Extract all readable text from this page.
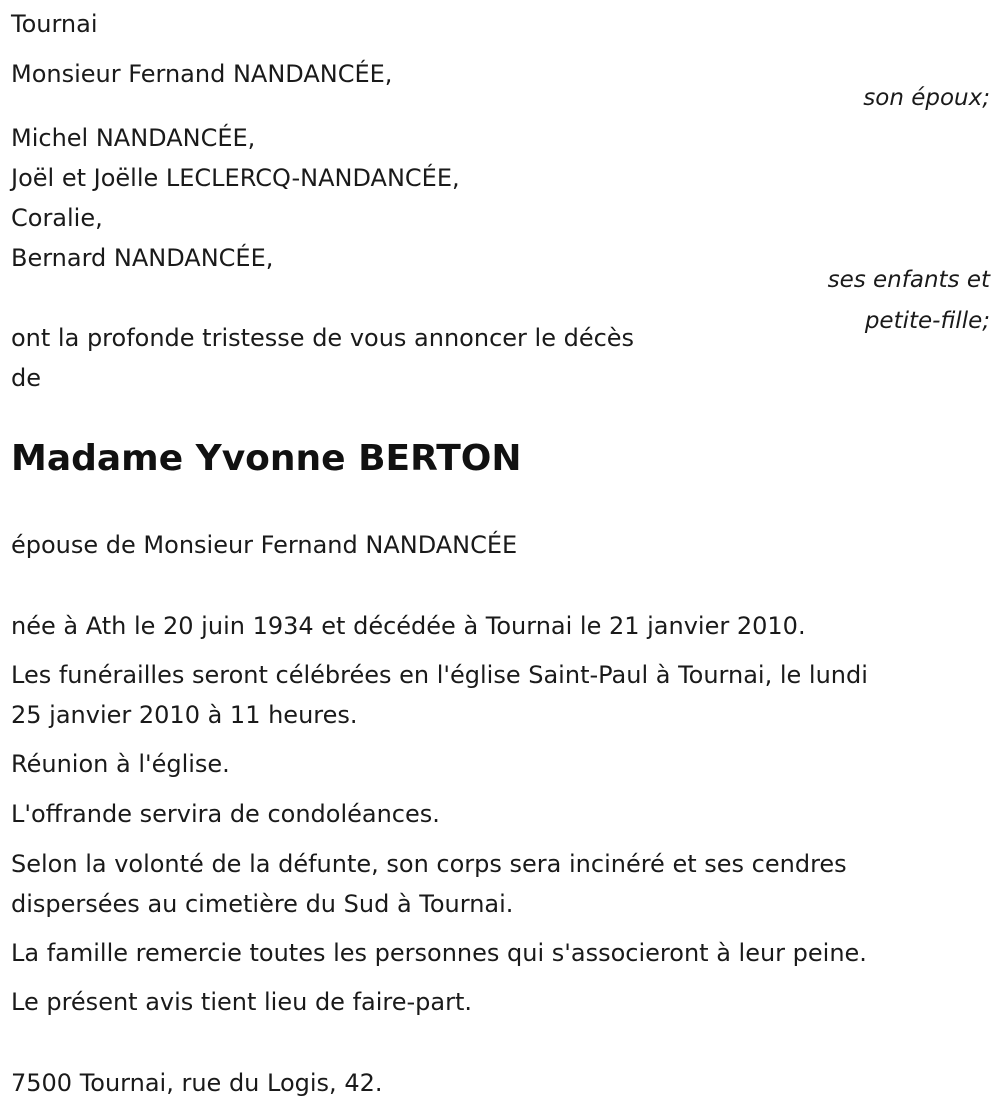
Tournai
Monsieur Fernand NANDANCÉE,
son époux;
Michel NANDANCÉE,
Joël et Joëlle LECLERCQ-NANDANCÉE,
Coralie,
Bernard NANDANCÉE,
ses enfants et
petite-fille;
ont la profonde tristesse de vous annoncer le décès
de
Madame Yvonne BERTON
épouse de Monsieur Fernand NANDANCÉE
née à Ath le 20 juin 1934 et décédée à Tournai le 21 janvier 2010.
Les funérailles seront célébrées en l'église Saint-Paul à Tournai, le lundi
25 janvier 2010 à 11 heures.
Réunion à l'église.
L'offrande servira de condoléances.
Selon la volonté de la défunte, son corps sera incinéré et ses cendres
dispersées au cimetière du Sud à Tournai.
La famille remercie toutes les personnes qui s'associeront à leur peine.
Le présent avis tient lieu de faire-part.
7500 Tournai, rue du Logis, 42.
